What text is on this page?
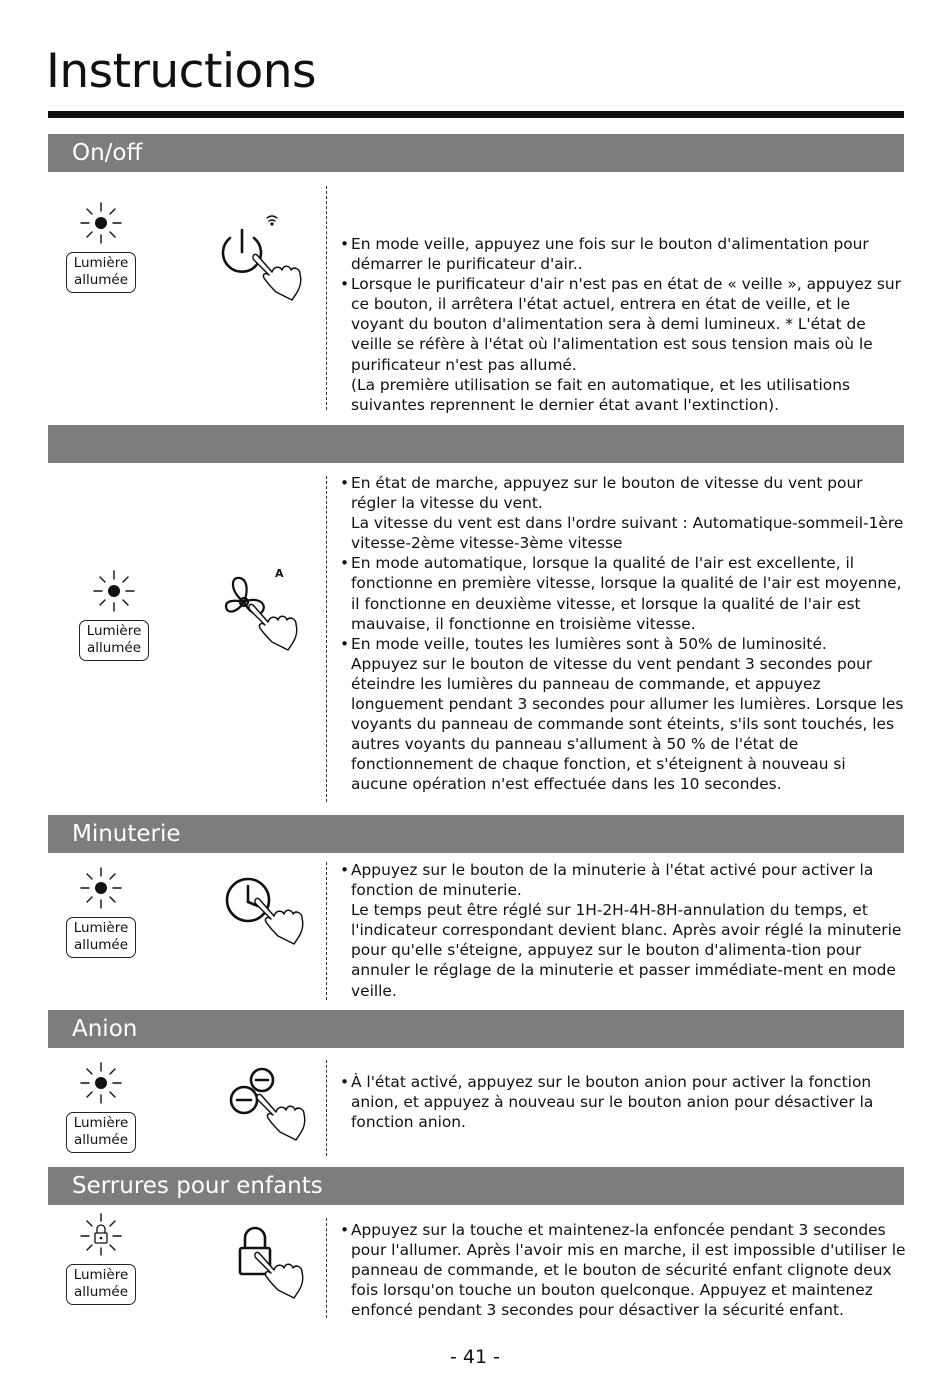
Instructions
On/off
Lumière allumée
• En mode veille, appuyez une fois sur le bouton d'alimentation pour démarrer le purificateur d'air..
• Lorsque le purificateur d'air n'est pas en état de « veille », appuyez sur ce bouton, il arrêtera l'état actuel, entrera en état de veille, et le voyant du bouton d'alimentation sera à demi lumineux. * L'état de veille se réfère à l'état où l'alimentation est sous tension mais où le purificateur n'est pas allumé.
(La première utilisation se fait en automatique, et les utilisations suivantes reprennent le dernier état avant l'extinction).
Lumière allumée
A
• En état de marche, appuyez sur le bouton de vitesse du vent pour régler la vitesse du vent.
La vitesse du vent est dans l'ordre suivant : Automatique-sommeil-1ère vitesse-2ème vitesse-3ème vitesse
• En mode automatique, lorsque la qualité de l'air est excellente, il fonctionne en première vitesse, lorsque la qualité de l'air est moyenne, il fonctionne en deuxième vitesse, et lorsque la qualité de l'air est mauvaise, il fonctionne en troisième vitesse.
• En mode veille, toutes les lumières sont à 50% de luminosité.
Appuyez sur le bouton de vitesse du vent pendant 3 secondes pour éteindre les lumières du panneau de commande, et appuyez longuement pendant 3 secondes pour allumer les lumières. Lorsque les voyants du panneau de commande sont éteints, s'ils sont touchés, les autres voyants du panneau s'allument à 50 % de l'état de fonctionnement de chaque fonction, et s'éteignent à nouveau si aucune opération n'est effectuée dans les 10 secondes.
Minuterie
Lumière allumée
• Appuyez sur le bouton de la minuterie à l'état activé pour activer la fonction de minuterie.
Le temps peut être réglé sur 1H-2H-4H-8H-annulation du temps, et l'indicateur correspondant devient blanc. Après avoir réglé la minuterie pour qu'elle s'éteigne, appuyez sur le bouton d'alimenta-tion pour annuler le réglage de la minuterie et passer immédiate-ment en mode veille.
Anion
Lumière allumée
• À l'état activé, appuyez sur le bouton anion pour activer la fonction anion, et appuyez à nouveau sur le bouton anion pour désactiver la fonction anion.
Serrures pour enfants
Lumière allumée
• Appuyez sur la touche et maintenez-la enfoncée pendant 3 secondes pour l'allumer. Après l'avoir mis en marche, il est impossible d'utiliser le panneau de commande, et le bouton de sécurité enfant clignote deux fois lorsqu'on touche un bouton quelconque. Appuyez et maintenez enfoncé pendant 3 secondes pour désactiver la sécurité enfant.
- 41 -
